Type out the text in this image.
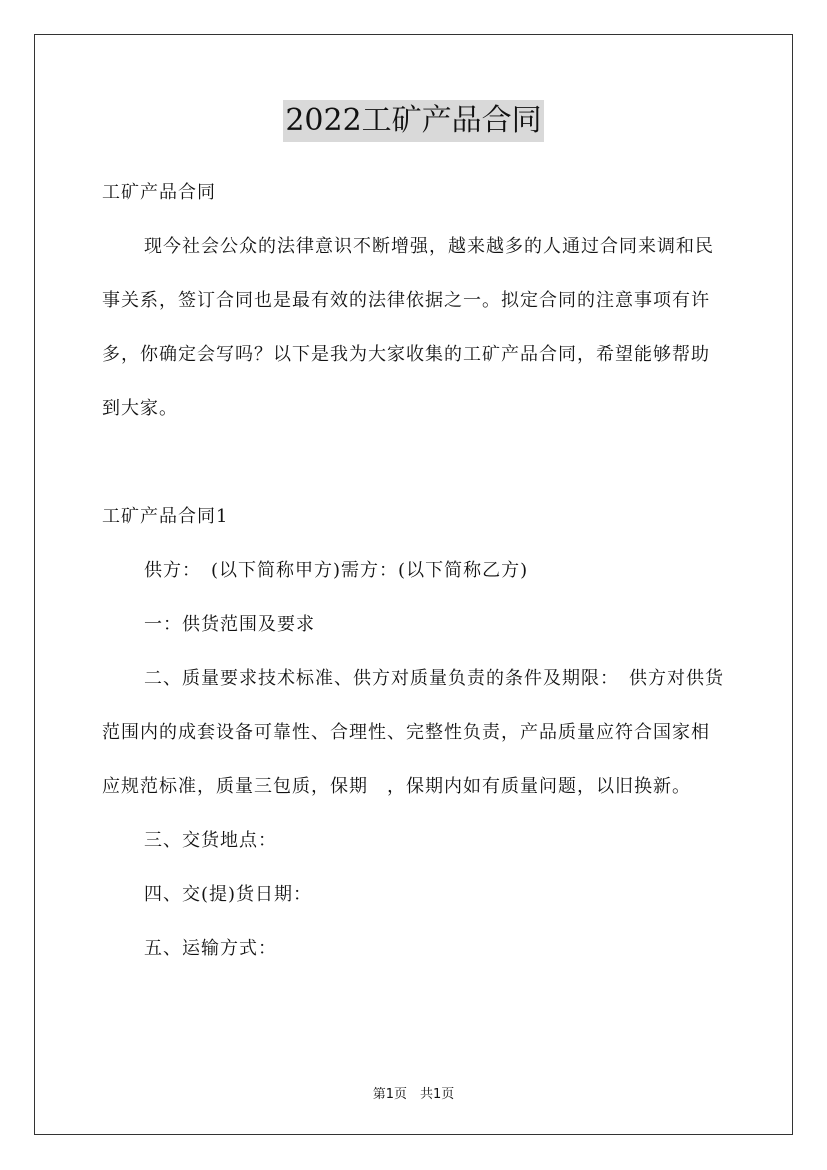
2022工矿产品合同

工矿产品合同

现今社会公众的法律意识不断增强，越来越多的人通过合同来调和民事关系，签订合同也是最有效的法律依据之一。拟定合同的注意事项有许多，你确定会写吗？以下是我为大家收集的工矿产品合同，希望能够帮助到大家。

工矿产品合同1

供方：　(以下简称甲方)需方：(以下简称乙方)

一：供货范围及要求

二、质量要求技术标准、供方对质量负责的条件及期限：　供方对供货范围内的成套设备可靠性、合理性、完整性负责，产品质量应符合国家相应规范标准，质量三包质，保期　，保期内如有质量问题，以旧换新。

三、交货地点：

四、交(提)货日期：

五、运输方式：

第1页　共1页
